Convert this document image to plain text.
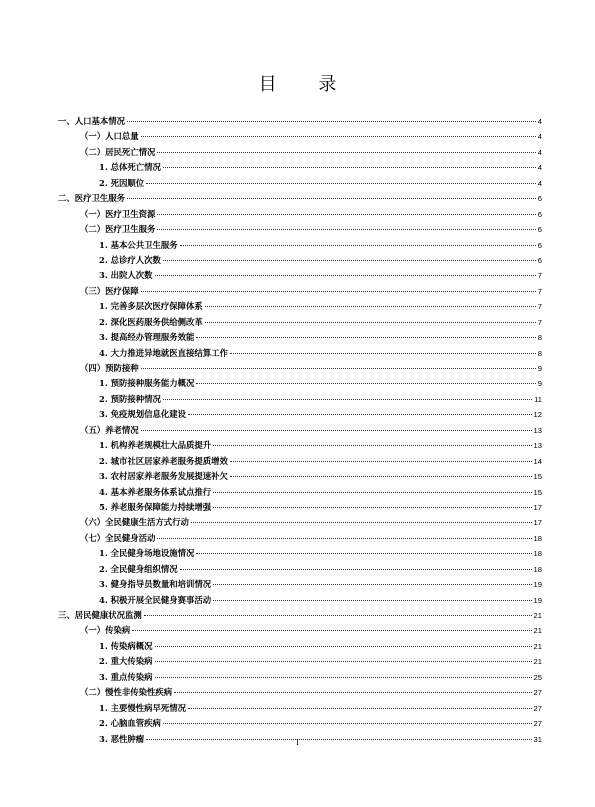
目 录
一、人口基本情况	4
（一）人口总量	4
（二）居民死亡情况	4
1. 总体死亡情况	4
2. 死因顺位	4
二、医疗卫生服务	6
（一）医疗卫生资源	6
（二）医疗卫生服务	6
1. 基本公共卫生服务	6
2. 总诊疗人次数	6
3. 出院人次数	7
（三）医疗保障	7
1. 完善多层次医疗保障体系	7
2. 深化医药服务供给侧改革	7
3. 提高经办管理服务效能	8
4. 大力推进异地就医直接结算工作	8
（四）预防接种	9
1. 预防接种服务能力概况	9
2. 预防接种情况	11
3. 免疫规划信息化建设	12
（五）养老情况	13
1. 机构养老规模壮大品质提升	13
2. 城市社区居家养老服务提质增效	14
3. 农村居家养老服务发展提速补欠	15
4. 基本养老服务体系试点推行	15
5. 养老服务保障能力持续增强	17
（六）全民健康生活方式行动	17
（七）全民健身活动	18
1. 全民健身场地设施情况	18
2. 全民健身组织情况	18
3. 健身指导员数量和培训情况	19
4. 积极开展全民健身赛事活动	19
三、居民健康状况监测	21
（一）传染病	21
1. 传染病概况	21
2. 重大传染病	21
3. 重点传染病	25
（二）慢性非传染性疾病	27
1. 主要慢性病早死情况	27
2. 心脑血管疾病	27
3. 恶性肿瘤	31
I
